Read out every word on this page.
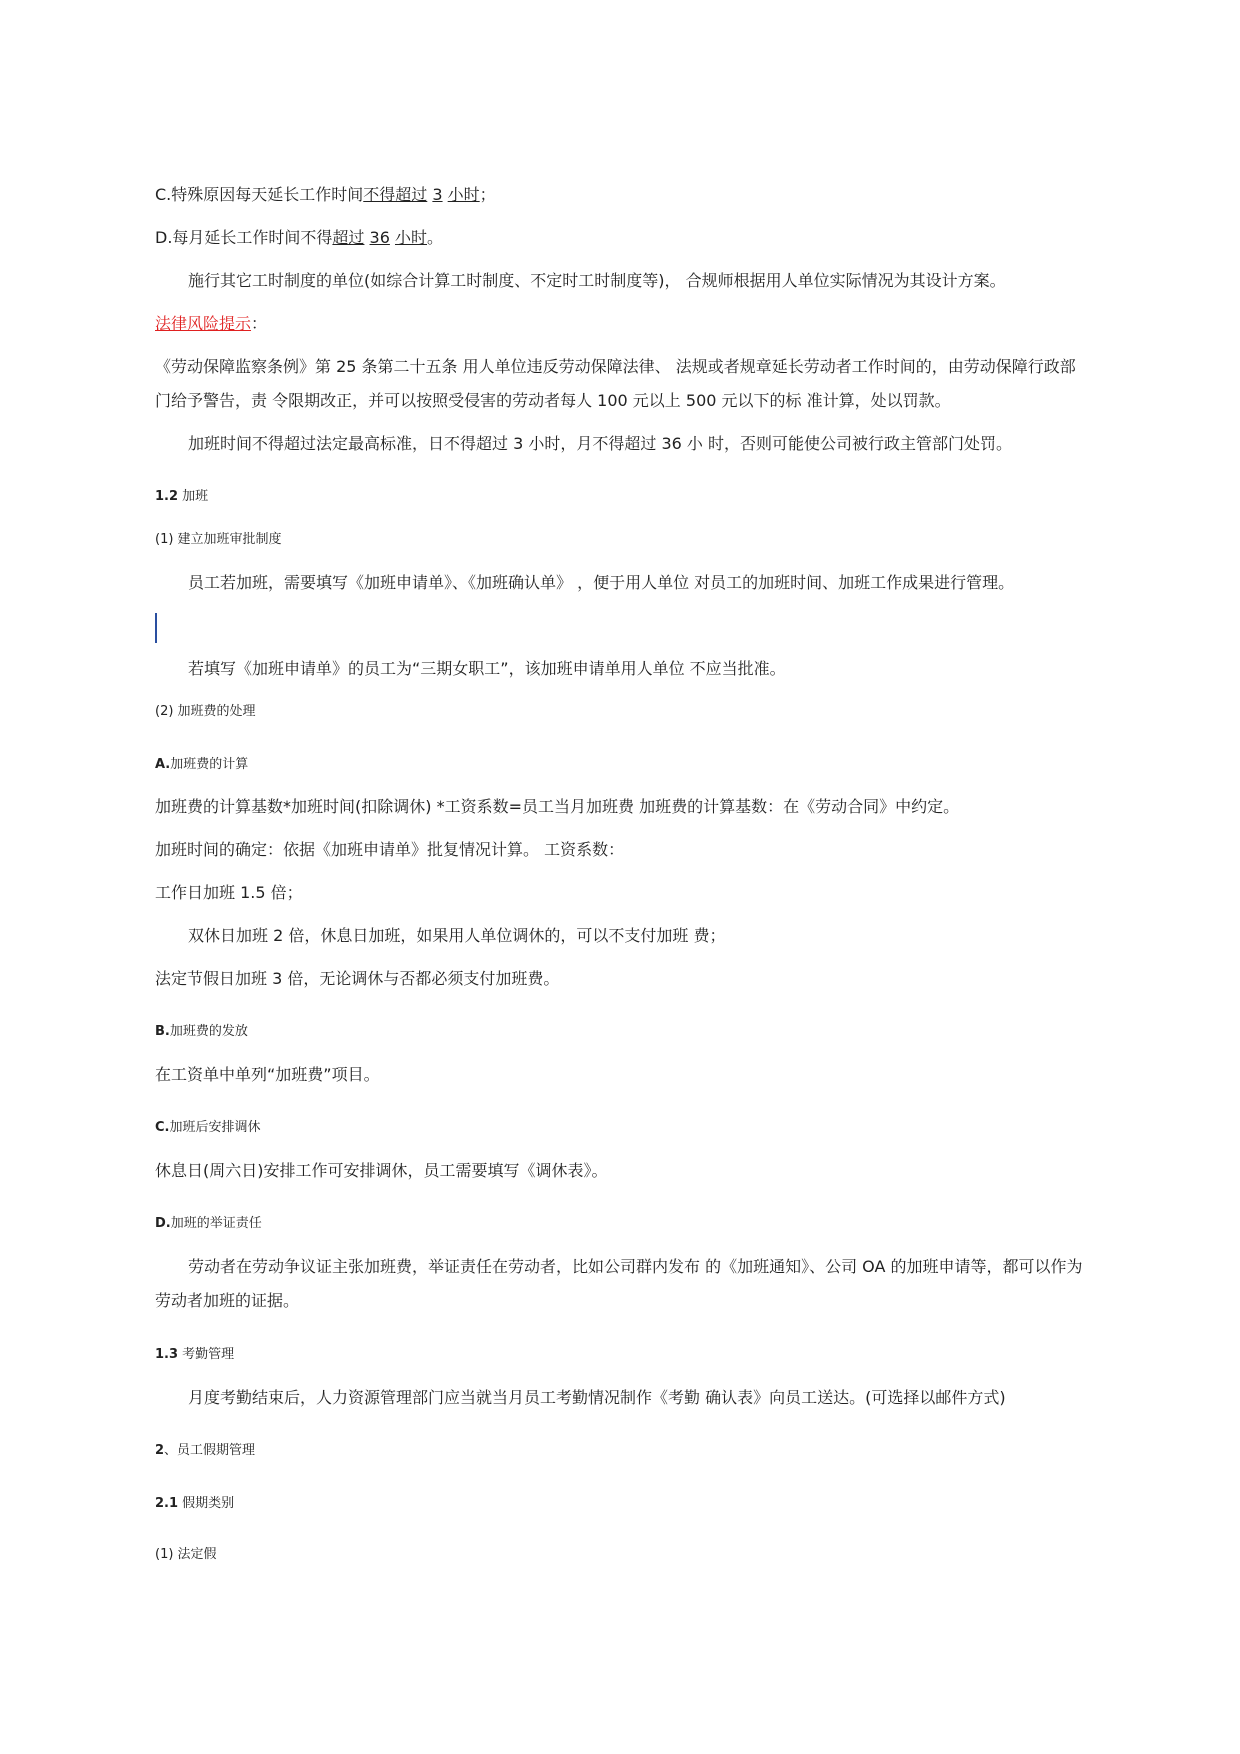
C.特殊原因每天延长工作时间不得超过 3 小时；
D.每月延长工作时间不得超过 36 小时。
施行其它工时制度的单位(如综合计算工时制度、不定时工时制度等)， 合规师根据用人单位实际情况为其设计方案。
法律风险提示：
《劳动保障监察条例》第 25 条第二十五条 用人单位违反劳动保障法律、 法规或者规章延长劳动者工作时间的，由劳动保障行政部门给予警告，责 令限期改正，并可以按照受侵害的劳动者每人 100 元以上 500 元以下的标 准计算，处以罚款。
加班时间不得超过法定最高标准，日不得超过 3 小时，月不得超过 36 小 时，否则可能使公司被行政主管部门处罚。
1.2 加班
(1) 建立加班审批制度
员工若加班，需要填写《加班申请单》、《加班确认单》 ，便于用人单位 对员工的加班时间、加班工作成果进行管理。
若填写《加班申请单》的员工为“三期女职工”，该加班申请单用人单位 不应当批准。
(2) 加班费的处理
A.加班费的计算
加班费的计算基数*加班时间(扣除调休) *工资系数=员工当月加班费 加班费的计算基数：在《劳动合同》中约定。
加班时间的确定：依据《加班申请单》批复情况计算。 工资系数：
工作日加班 1.5 倍；
双休日加班 2 倍，休息日加班，如果用人单位调休的，可以不支付加班 费；
法定节假日加班 3 倍，无论调休与否都必须支付加班费。
B.加班费的发放
在工资单中单列“加班费”项目。
C.加班后安排调休
休息日(周六日)安排工作可安排调休，员工需要填写《调休表》。
D.加班的举证责任
劳动者在劳动争议证主张加班费，举证责任在劳动者，比如公司群内发布 的《加班通知》、公司 OA 的加班申请等，都可以作为劳动者加班的证据。
1.3 考勤管理
月度考勤结束后，人力资源管理部门应当就当月员工考勤情况制作《考勤 确认表》向员工送达。(可选择以邮件方式)
2、员工假期管理
2.1 假期类别
(1) 法定假
